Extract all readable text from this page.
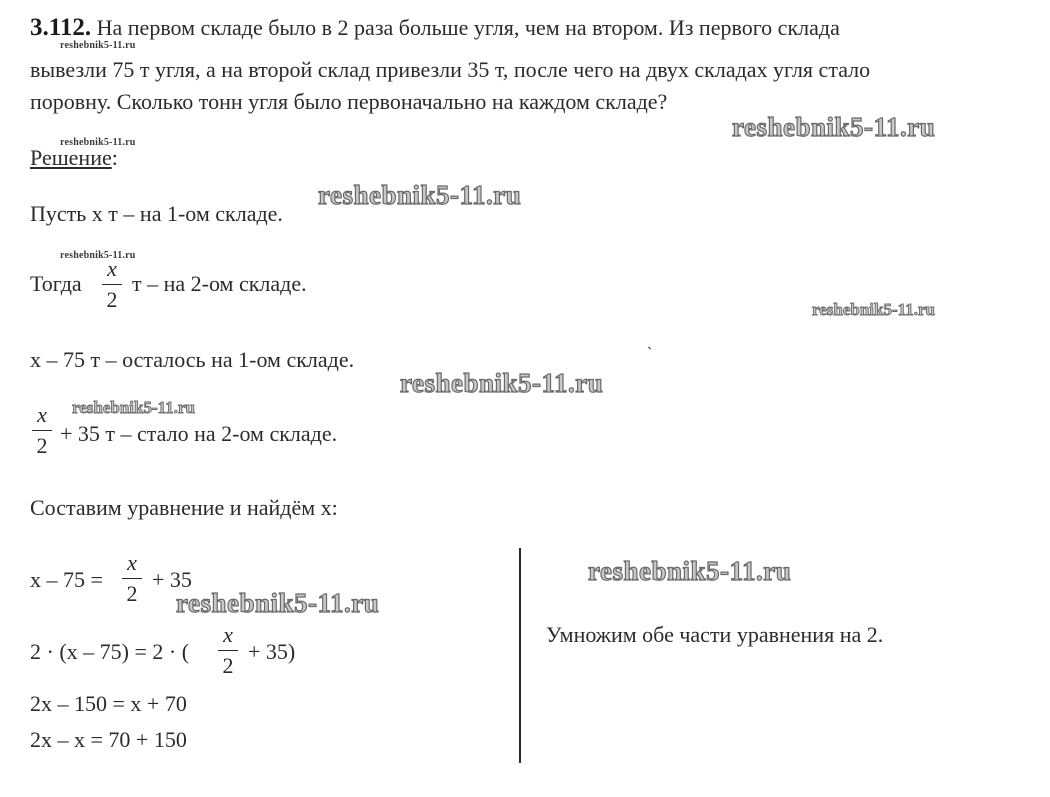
3.112. На первом складе было в 2 раза больше угля, чем на втором. Из первого склада
вывезли 75 т угля, а на второй склад привезли 35 т, после чего на двух складах угля стало
поровну. Сколько тонн угля было первоначально на каждом складе?
reshebnik5-11.ru
reshebnik5-11.ru
reshebnik5-11.ru
reshebnik5-11.ru
reshebnik5-11.ru
reshebnik5-11.ru
reshebnik5-11.ru
reshebnik5-11.ru
reshebnik5-11.ru
reshebnik5-11.ru
Решение:
Пусть х т – на 1-ом складе.
Тогда
x
2
т – на 2-ом складе.
х – 75 т – осталось на 1-ом складе.	ˋ
x
2 + 35 т – стало на 2-ом складе.
Составим уравнение и найдём х:
х – 75 =
x
2
+ 35
2 · (х – 75) = 2 · (
x
2
+ 35)
2х – 150 = х + 70
2х – х = 70 + 150
Умножим обе части уравнения на 2.
